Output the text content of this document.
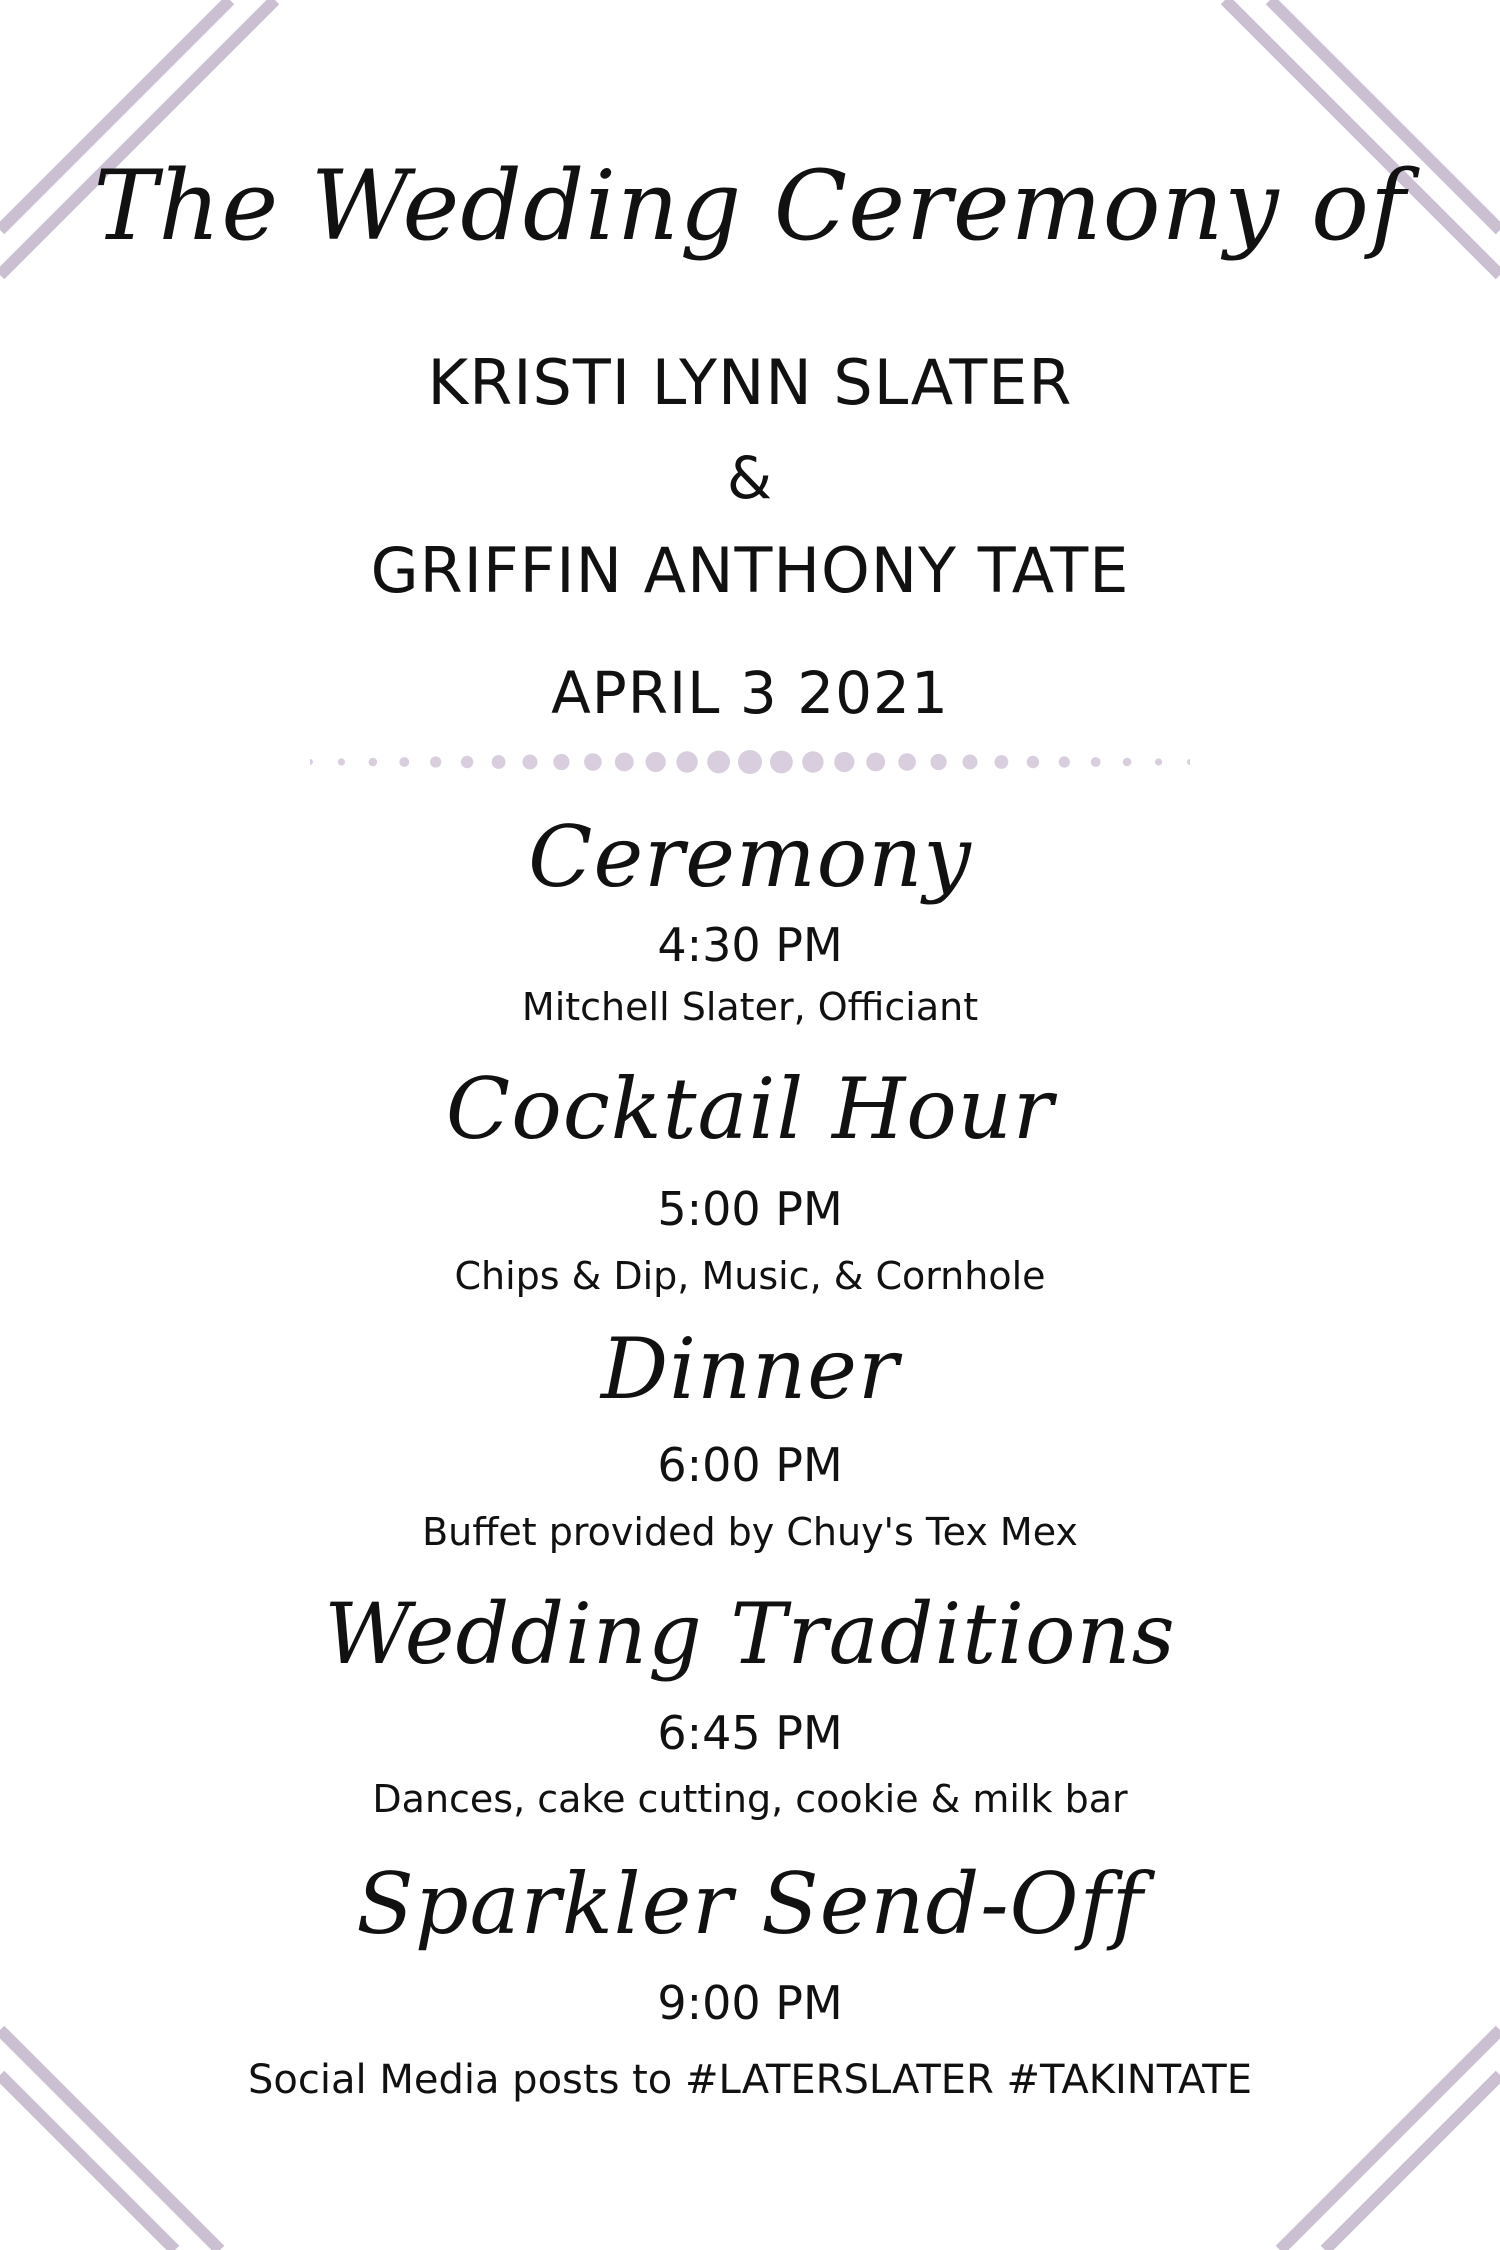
The Wedding Ceremony of
KRISTI LYNN SLATER
&
GRIFFIN ANTHONY TATE
APRIL 3 2021
Ceremony
4:30 PM
Mitchell Slater, Officiant
Cocktail Hour
5:00 PM
Chips & Dip, Music, & Cornhole
Dinner
6:00 PM
Buffet provided by Chuy's Tex Mex
Wedding Traditions
6:45 PM
Dances, cake cutting, cookie & milk bar
Sparkler Send-Off
9:00 PM
Social Media posts to #LATERSLATER #TAKINTATE
